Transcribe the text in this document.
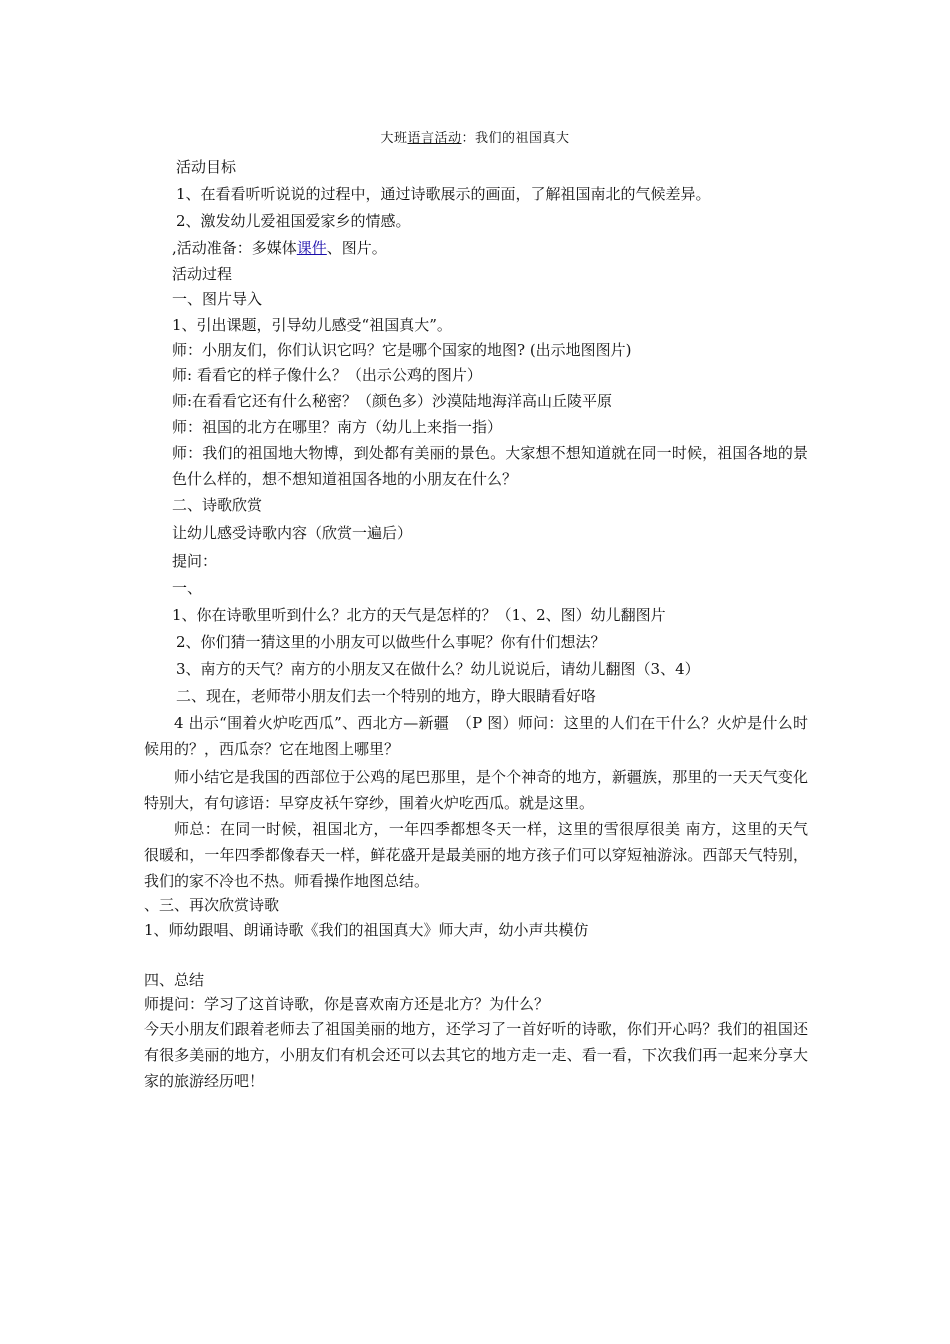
大班语言活动：我们的祖国真大
活动目标
1、在看看听听说说的过程中，通过诗歌展示的画面，了解祖国南北的气候差异。
2、激发幼儿爱祖国爱家乡的情感。
,活动准备：多媒体课件、图片。
活动过程
一、图片导入
1、引出课题，引导幼儿感受“祖国真大”。
师：小朋友们，你们认识它吗？它是哪个国家的地图? (出示地图图片)
师: 看看它的样子像什么？（出示公鸡的图片）
师:在看看它还有什么秘密？（颜色多）沙漠陆地海洋高山丘陵平原
师：祖国的北方在哪里？南方（幼儿上来指一指）
师：我们的祖国地大物博，到处都有美丽的景色。大家想不想知道就在同一时候，祖国各地的景色什么样的，想不想知道祖国各地的小朋友在什么？
二、诗歌欣赏
让幼儿感受诗歌内容（欣赏一遍后）
提问：
一、
1、你在诗歌里听到什么？北方的天气是怎样的？（1、2、图）幼儿翻图片
2、你们猜一猜这里的小朋友可以做些什么事呢？你有什们想法？
3、南方的天气？南方的小朋友又在做什么？幼儿说说后，请幼儿翻图（3、4）
二、现在，老师带小朋友们去一个特别的地方，睁大眼睛看好咯
4 出示“围着火炉吃西瓜”、西北方—新疆　（P 图）师问：这里的人们在干什么？火炉是什么时候用的？，西瓜奈？它在地图上哪里？
师小结它是我国的西部位于公鸡的尾巴那里，是个个神奇的地方，新疆族，那里的一天天气变化特别大，有句谚语：早穿皮袄午穿纱，围着火炉吃西瓜。就是这里。
师总：在同一时候，祖国北方，一年四季都想冬天一样，这里的雪很厚很美 南方，这里的天气很暖和，一年四季都像春天一样，鲜花盛开是最美丽的地方孩子们可以穿短袖游泳。西部天气特别，我们的家不冷也不热。师看操作地图总结。
、三、再次欣赏诗歌
1、师幼跟唱、朗诵诗歌《我们的祖国真大》师大声，幼小声共模仿
四、总结
师提问：学习了这首诗歌，你是喜欢南方还是北方？为什么？
今天小朋友们跟着老师去了祖国美丽的地方，还学习了一首好听的诗歌，你们开心吗？我们的祖国还有很多美丽的地方，小朋友们有机会还可以去其它的地方走一走、看一看，下次我们再一起来分享大家的旅游经历吧！
